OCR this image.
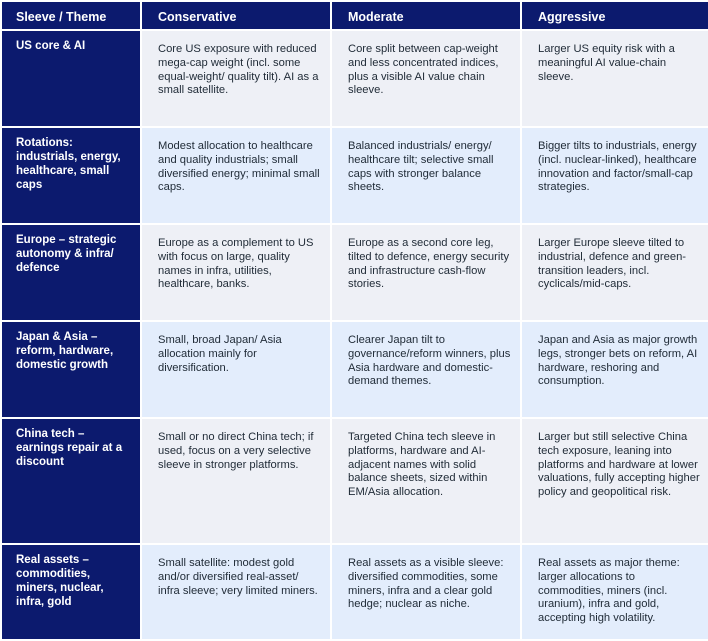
Sleeve / Theme	Conservative	Moderate	Aggressive
US core & AI	Core US exposure with reduced mega-cap weight (incl. some equal-weight/ quality tilt). AI as a small satellite.	Core split between cap-weight and less concentrated indices, plus a visible AI value chain sleeve.	Larger US equity risk with a meaningful AI value-chain sleeve.
Rotations: industrials, energy, healthcare, small caps	Modest allocation to healthcare and quality industrials; small diversified energy; minimal small caps.	Balanced industrials/ energy/ healthcare tilt; selective small caps with stronger balance sheets.	Bigger tilts to industrials, energy (incl. nuclear-linked), healthcare innovation and factor/small-cap strategies.
Europe – strategic autonomy & infra/ defence	Europe as a complement to US with focus on large, quality names in infra, utilities, healthcare, banks.	Europe as a second core leg, tilted to defence, energy security and infrastructure cash-flow stories.	Larger Europe sleeve tilted to industrial, defence and green-transition leaders, incl. cyclicals/mid-caps.
Japan & Asia – reform, hardware, domestic growth	Small, broad Japan/ Asia allocation mainly for diversification.	Clearer Japan tilt to governance/reform winners, plus Asia hardware and domestic-demand themes.	Japan and Asia as major growth legs, stronger bets on reform, AI hardware, reshoring and consumption.
China tech – earnings repair at a discount	Small or no direct China tech; if used, focus on a very selective sleeve in stronger platforms.	Targeted China tech sleeve in platforms, hardware and AI-adjacent names with solid balance sheets, sized within EM/Asia allocation.	Larger but still selective China tech exposure, leaning into platforms and hardware at lower valuations, fully accepting higher policy and geopolitical risk.
Real assets – commodities, miners, nuclear, infra, gold	Small satellite: modest gold and/or diversified real-asset/ infra sleeve; very limited miners.	Real assets as a visible sleeve: diversified commodities, some miners, infra and a clear gold hedge; nuclear as niche.	Real assets as major theme: larger allocations to commodities, miners (incl. uranium), infra and gold, accepting high volatility.
